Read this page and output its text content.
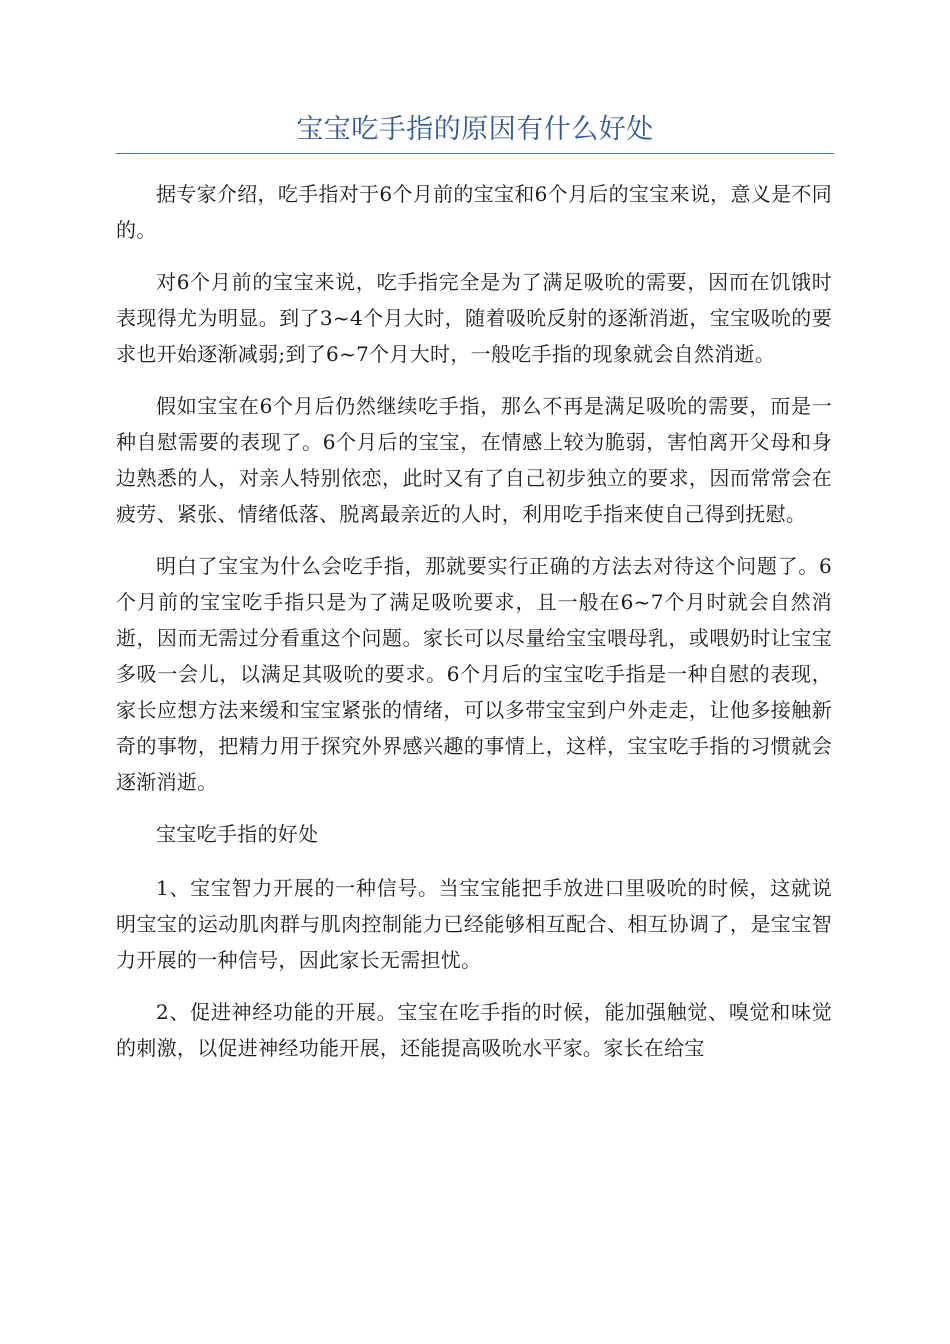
宝宝吃手指的原因有什么好处

据专家介绍，吃手指对于6个月前的宝宝和6个月后的宝宝来说，意义是不同的。

对6个月前的宝宝来说，吃手指完全是为了满足吸吮的需要，因而在饥饿时表现得尤为明显。到了3~4个月大时，随着吸吮反射的逐渐消逝，宝宝吸吮的要求也开始逐渐减弱;到了6~7个月大时，一般吃手指的现象就会自然消逝。

假如宝宝在6个月后仍然继续吃手指，那么不再是满足吸吮的需要，而是一种自慰需要的表现了。6个月后的宝宝，在情感上较为脆弱，害怕离开父母和身边熟悉的人，对亲人特别依恋，此时又有了自己初步独立的要求，因而常常会在疲劳、紧张、情绪低落、脱离最亲近的人时，利用吃手指来使自己得到抚慰。

明白了宝宝为什么会吃手指，那就要实行正确的方法去对待这个问题了。6个月前的宝宝吃手指只是为了满足吸吮要求，且一般在6~7个月时就会自然消逝，因而无需过分看重这个问题。家长可以尽量给宝宝喂母乳，或喂奶时让宝宝多吸一会儿，以满足其吸吮的要求。6个月后的宝宝吃手指是一种自慰的表现，家长应想方法来缓和宝宝紧张的情绪，可以多带宝宝到户外走走，让他多接触新奇的事物，把精力用于探究外界感兴趣的事情上，这样，宝宝吃手指的习惯就会逐渐消逝。

宝宝吃手指的好处

1、宝宝智力开展的一种信号。当宝宝能把手放进口里吸吮的时候，这就说明宝宝的运动肌肉群与肌肉控制能力已经能够相互配合、相互协调了，是宝宝智力开展的一种信号，因此家长无需担忧。

2、促进神经功能的开展。宝宝在吃手指的时候，能加强触觉、嗅觉和味觉的刺激，以促进神经功能开展，还能提高吸吮水平家。家长在给宝
